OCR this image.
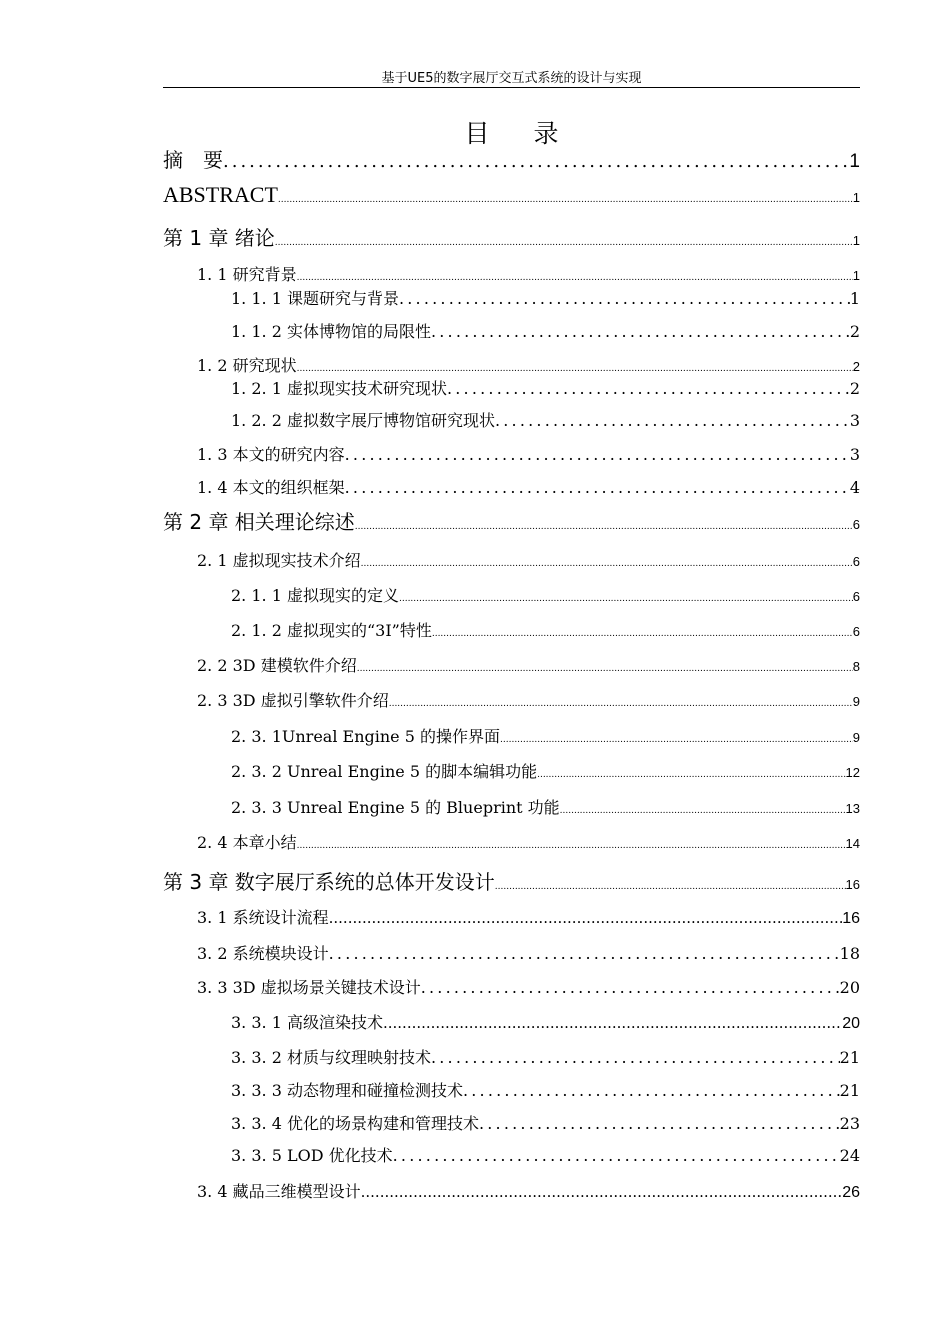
基于UE5的数字展厅交互式系统的设计与实现
目 录
摘　要 .....	1
ABSTRACT .....	1
第 1 章 绪论 .....	1
1. 1 研究背景 .....	1
1. 1. 1 课题研究与背景 .....	1
1. 1. 2 实体博物馆的局限性 .....	2
1. 2 研究现状 .....	2
1. 2. 1 虚拟现实技术研究现状 .....	2
1. 2. 2 虚拟数字展厅博物馆研究现状 .....	3
1. 3 本文的研究内容 .....	3
1. 4 本文的组织框架 .....	4
第 2 章 相关理论综述 .....	6
2. 1 虚拟现实技术介绍 .....	6
2. 1. 1 虚拟现实的定义 .....	6
2. 1. 2 虚拟现实的“3I”特性 .....	6
2. 2 3D 建模软件介绍 .....	8
2. 3 3D 虚拟引擎软件介绍 .....	9
2. 3. 1Unreal Engine 5 的操作界面 .....	9
2. 3. 2 Unreal Engine 5 的脚本编辑功能 .....	12
2. 3. 3 Unreal Engine 5 的 Blueprint 功能 .....	13
2. 4 本章小结 .....	14
第 3 章 数字展厅系统的总体开发设计 .....	16
3. 1 系统设计流程 .....	16
3. 2 系统模块设计 .....	18
3. 3 3D 虚拟场景关键技术设计 .....	20
3. 3. 1 高级渲染技术 .....	20
3. 3. 2 材质与纹理映射技术 .....	21
3. 3. 3 动态物理和碰撞检测技术 .....	21
3. 3. 4 优化的场景构建和管理技术 .....	23
3. 3. 5 LOD 优化技术 .....	24
3. 4 藏品三维模型设计 .....	26
